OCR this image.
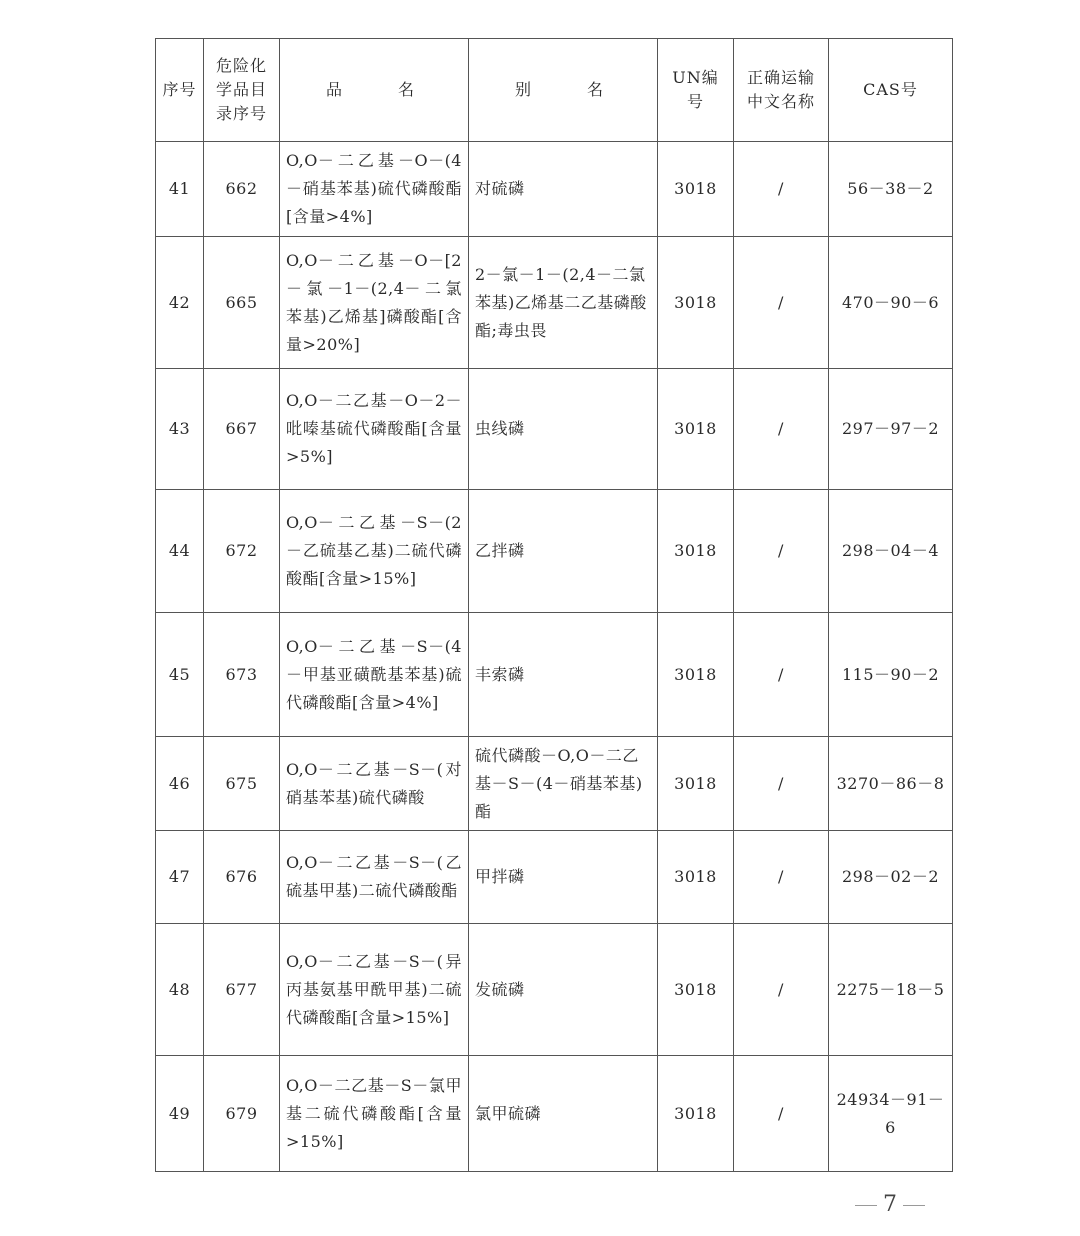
序号	危险化学品目录序号	品　　名	别　　名	UN编号	正确运输中文名称	CAS号
41	662	O,O－二乙基－O－(4－硝基苯基)硫代磷酸酯[含量>4%]	对硫磷	3018	/	56－38－2
42	665	O,O－二乙基－O－[2－氯－1－(2,4－二氯苯基)乙烯基]磷酸酯[含量>20%]	2－氯－1－(2,4－二氯苯基)乙烯基二乙基磷酸酯;毒虫畏	3018	/	470－90－6
43	667	O,O－二乙基－O－2－吡嗪基硫代磷酸酯[含量>5%]	虫线磷	3018	/	297－97－2
44	672	O,O－二乙基－S－(2－乙硫基乙基)二硫代磷酸酯[含量>15%]	乙拌磷	3018	/	298－04－4
45	673	O,O－二乙基－S－(4－甲基亚磺酰基苯基)硫代磷酸酯[含量>4%]	丰索磷	3018	/	115－90－2
46	675	O,O－二乙基－S－(对硝基苯基)硫代磷酸	硫代磷酸－O,O－二乙基－S－(4－硝基苯基)酯	3018	/	3270－86－8
47	676	O,O－二乙基－S－(乙硫基甲基)二硫代磷酸酯	甲拌磷	3018	/	298－02－2
48	677	O,O－二乙基－S－(异丙基氨基甲酰甲基)二硫代磷酸酯[含量>15%]	发硫磷	3018	/	2275－18－5
49	679	O,O－二乙基－S－氯甲基二硫代磷酸酯[含量>15%]	氯甲硫磷	3018	/	24934－91－6
7
